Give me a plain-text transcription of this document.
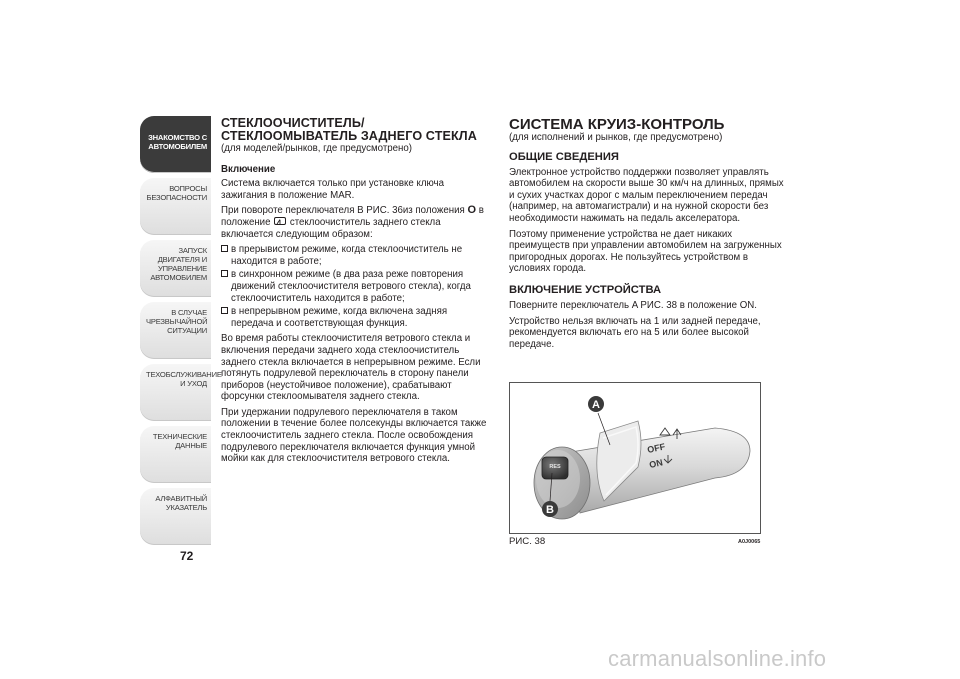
ЗНАКОМСТВО С
АВТОМОБИЛЕМ
ВОПРОСЫ
БЕЗОПАСНОСТИ
ЗАПУСК ДВИГАТЕЛЯ И
УПРАВЛЕНИЕ
АВТОМОБИЛЕМ
В СЛУЧАЕ
ЧРЕЗВЫЧАЙНОЙ
СИТУАЦИИ
ТЕХОБСЛУЖИВАНИЕ
И УХОД
ТЕХНИЧЕСКИЕ
ДАННЫЕ
АЛФАВИТНЫЙ
УКАЗАТЕЛЬ
72
СТЕКЛООЧИСТИТЕЛЬ/СТЕКЛООМЫВАТЕЛЬ ЗАДНЕГО СТЕКЛА
(для моделей/рынков, где предусмотрено)
Включение
Система включается только при установке ключа зажигания в положение MAR.
При повороте переключателя B РИС. 36из положения O в
положение  стеклоочиститель заднего стекла включается следующим образом:
в прерывистом режиме, когда стеклоочиститель не находится в работе;
в синхронном режиме (в два раза реже повторения движений стеклоочистителя ветрового стекла), когда стеклоочиститель находится в работе;
в непрерывном режиме, когда включена задняя передача и соответствующая функция.
Во время работы стеклоочистителя ветрового стекла и включения передачи заднего хода стеклоочиститель заднего стекла включается в непрерывном режиме. Если потянуть подрулевой переключатель в сторону панели приборов (неустойчивое положение), срабатывают форсунки стеклоомывателя заднего стекла.
При удержании подрулевого переключателя в таком положении в течение более полсекунды включается также стеклоочиститель заднего стекла. После освобождения подрулевого переключателя включается функция умной мойки как для стеклоочистителя ветрового стекла.
СИСТЕМА КРУИЗ-КОНТРОЛЬ
(для исполнений и рынков, где предусмотрено)
ОБЩИЕ СВЕДЕНИЯ
Электронное устройство поддержки позволяет управлять автомобилем на скорости выше 30 км/ч на длинных, прямых и сухих участках дорог с малым переключением передач (например, на автомагистрали) и на нужной скорости без необходимости нажимать на педаль акселератора.
Поэтому применение устройства не дает никаких преимуществ при управлении автомобилем на загруженных пригородных дорогах. Не пользуйтесь устройством в условиях города.
ВКЛЮЧЕНИЕ УСТРОЙСТВА
Поверните переключатель A РИС. 38 в положение ON.
Устройство нельзя включать на 1 или задней передаче, рекомендуется включать его на 5 или более высокой передаче.
RES
OFF
ON
A
B
РИС. 38	A0J0065
carmanualsonline.info
